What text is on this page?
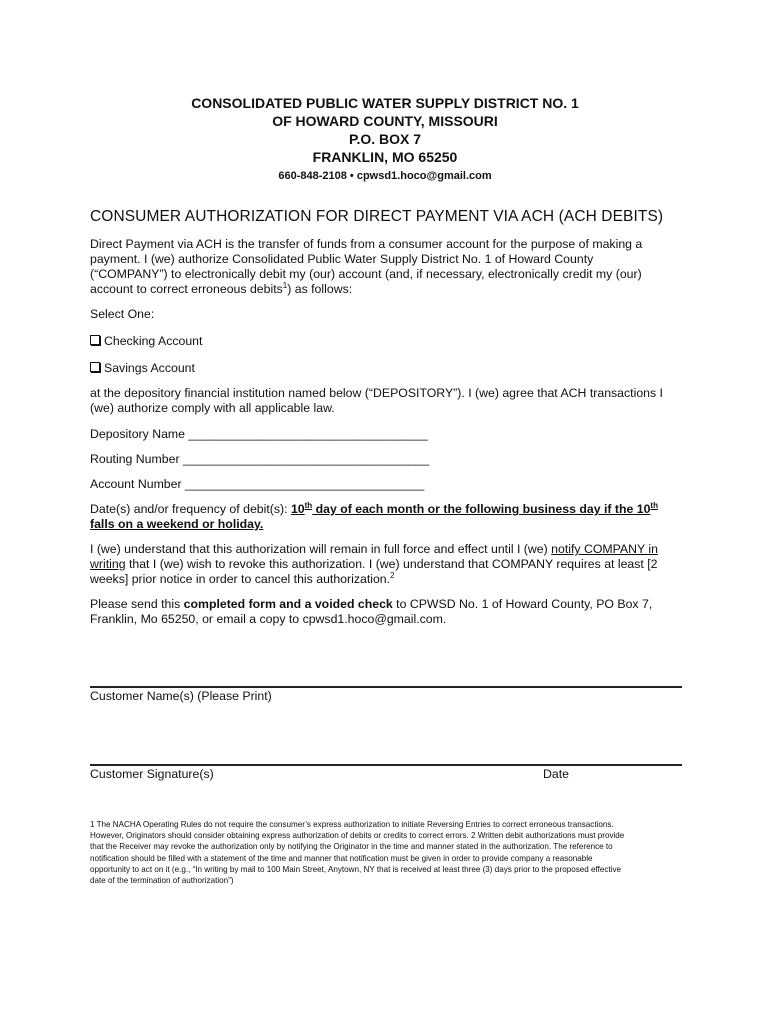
CONSOLIDATED PUBLIC WATER SUPPLY DISTRICT NO. 1
OF HOWARD COUNTY, MISSOURI
P.O. BOX 7
FRANKLIN, MO 65250
660-848-2108 • cpwsd1.hoco@gmail.com
CONSUMER AUTHORIZATION FOR DIRECT PAYMENT VIA ACH (ACH DEBITS)

Direct Payment via ACH is the transfer of funds from a consumer account for the purpose of making a

payment. I (we) authorize Consolidated Public Water Supply District No. 1 of Howard County

(“COMPANY”) to electronically debit my (our) account (and, if necessary, electronically credit my (our)

account to correct erroneous debits$^1$) as follows:

Select One:
Checking Account
Savings Account

at the depository financial institution named below (“DEPOSITORY”). I (we) agree that ACH transactions I

(we) authorize comply with all applicable law.

Depository Name ___________________________________
Routing Number ____________________________________
Account Number ___________________________________

Date(s) and/or frequency of debit(s): 10th day of each month or the following business day if the 10th

falls on a weekend or holiday.

I (we) understand that this authorization will remain in full force and effect until I (we) notify COMPANY in

writing that I (we) wish to revoke this authorization. I (we) understand that COMPANY requires at least [2

weeks] prior notice in order to cancel this authorization.$^2$

Please send this completed form and a voided check to CPWSD No. 1 of Howard County, PO Box 7,

Franklin, Mo 65250, or email a copy to cpwsd1.hoco@gmail.com.

Customer Name(s) (Please Print)
Customer Signature(s)	Date
1 The NACHA Operating Rules do not require the consumer’s express authorization to initiate Reversing Entries to correct erroneous transactions.
However, Originators should consider obtaining express authorization of debits or credits to correct errors. 2 Written debit authorizations must provide
that the Receiver may revoke the authorization only by notifying the Originator in the time and manner stated in the authorization. The reference to
notification should be filled with a statement of the time and manner that notification must be given in order to provide company a reasonable
opportunity to act on it (e.g., “In writing by mail to 100 Main Street, Anytown, NY that is received at least three (3) days prior to the proposed effective
date of the termination of authorization”)
